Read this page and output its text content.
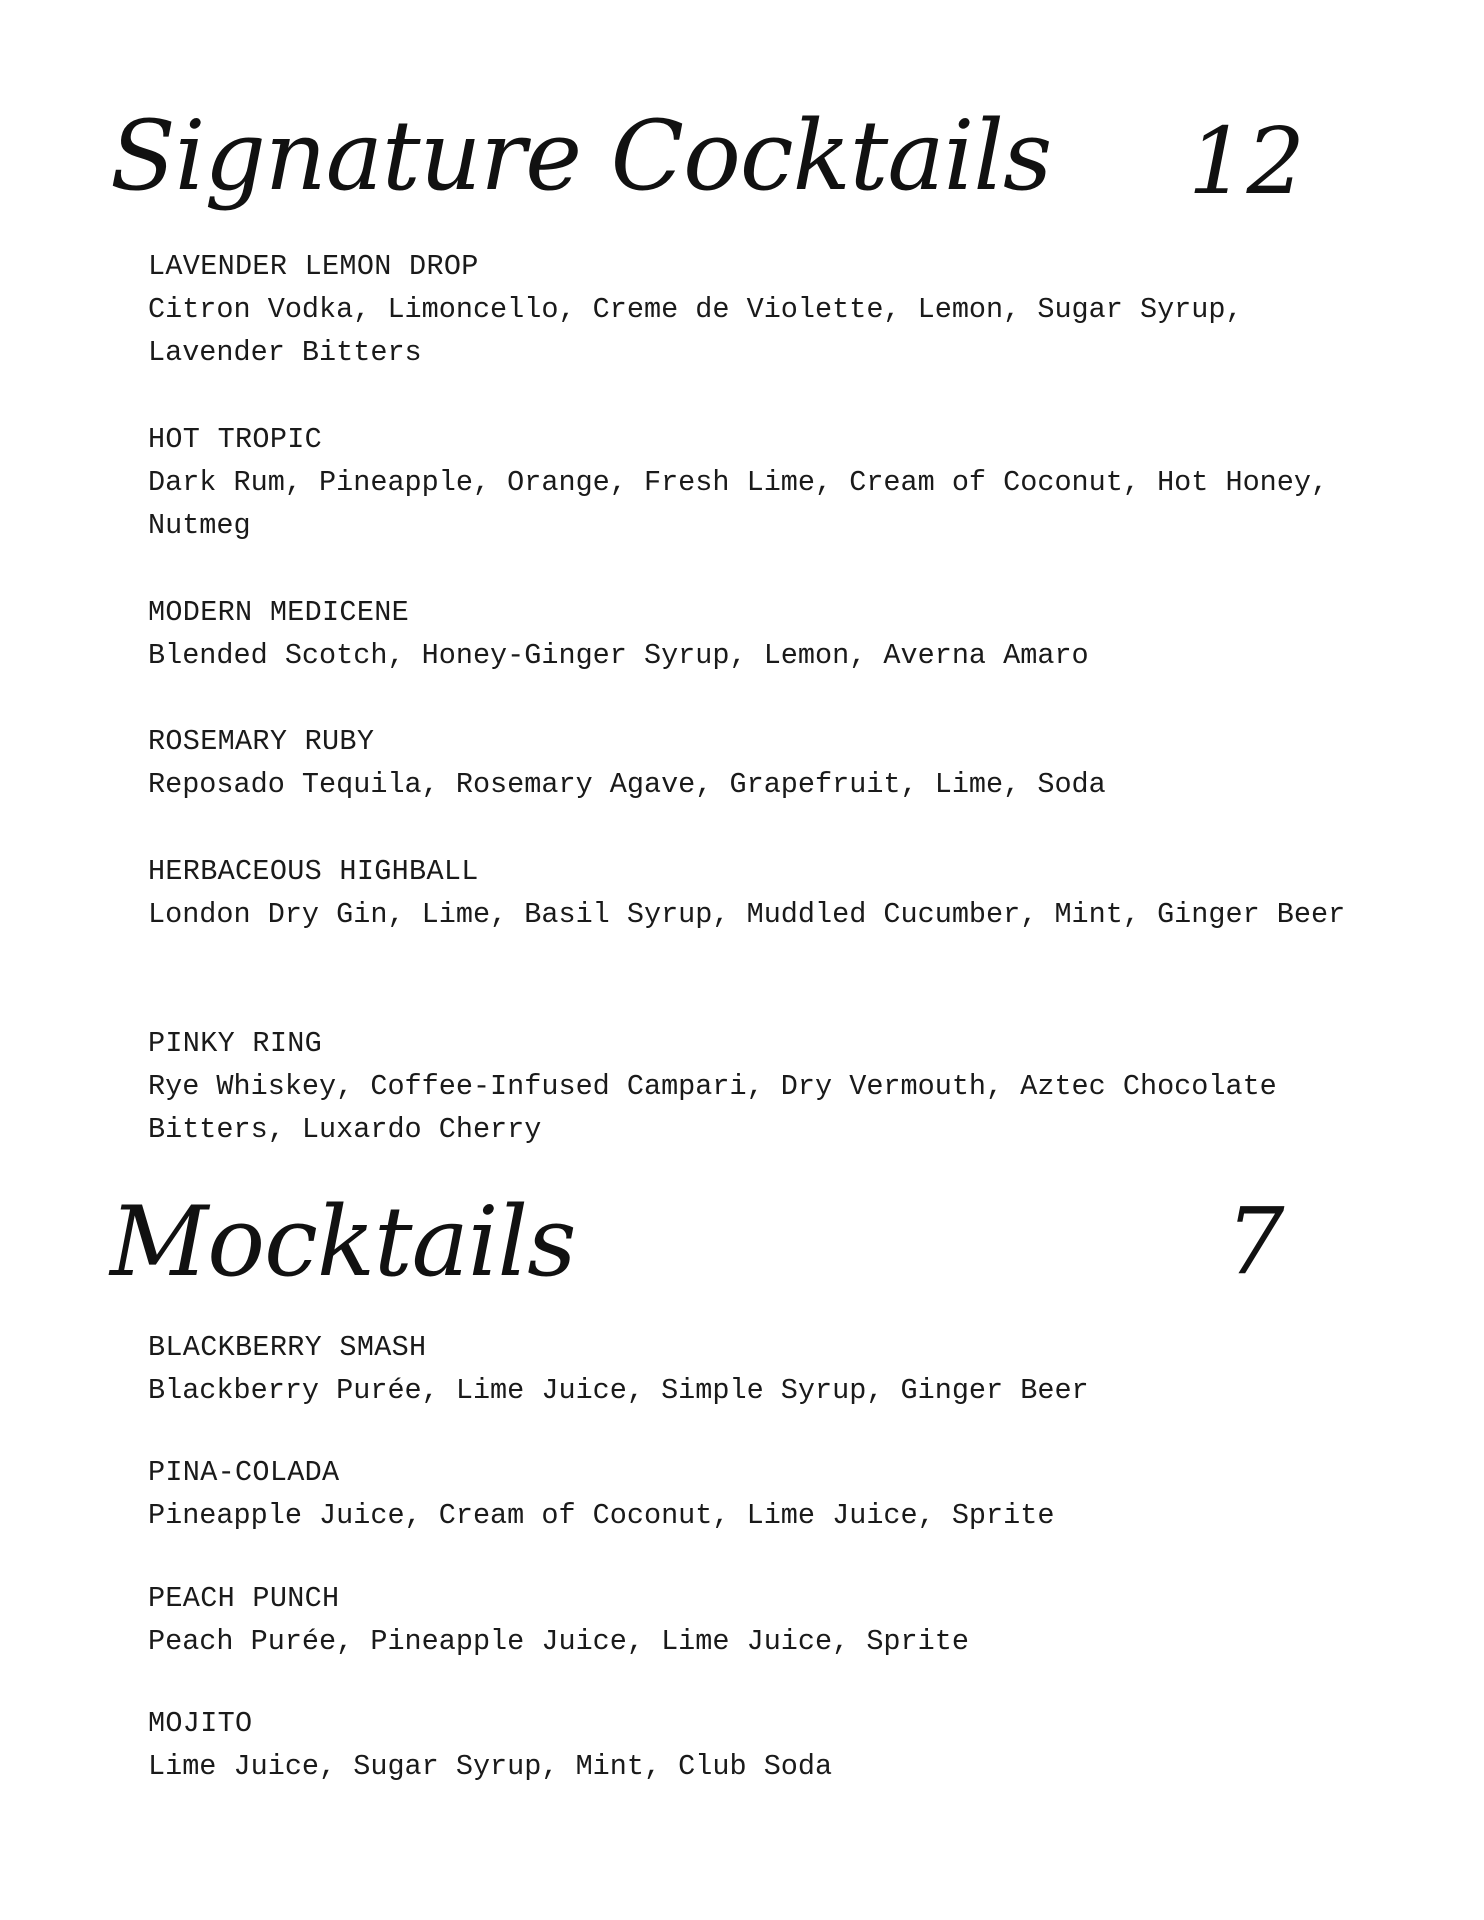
Signature Cocktails 12
LAVENDER LEMON DROP
Citron Vodka, Limoncello, Creme de Violette, Lemon, Sugar Syrup, Lavender Bitters
HOT TROPIC
Dark Rum, Pineapple, Orange, Fresh Lime, Cream of Coconut, Hot Honey, Nutmeg
MODERN MEDICENE
Blended Scotch, Honey-Ginger Syrup, Lemon, Averna Amaro
ROSEMARY RUBY
Reposado Tequila, Rosemary Agave, Grapefruit, Lime, Soda
HERBACEOUS HIGHBALL
London Dry Gin, Lime, Basil Syrup, Muddled Cucumber, Mint, Ginger Beer
PINKY RING
Rye Whiskey, Coffee-Infused Campari, Dry Vermouth, Aztec Chocolate Bitters, Luxardo Cherry
Mocktails	7
BLACKBERRY SMASH
Blackberry Purée, Lime Juice, Simple Syrup, Ginger Beer
PINA-COLADA
Pineapple Juice, Cream of Coconut, Lime Juice, Sprite
PEACH PUNCH
Peach Purée, Pineapple Juice, Lime Juice, Sprite
MOJITO
Lime Juice, Sugar Syrup, Mint, Club Soda
